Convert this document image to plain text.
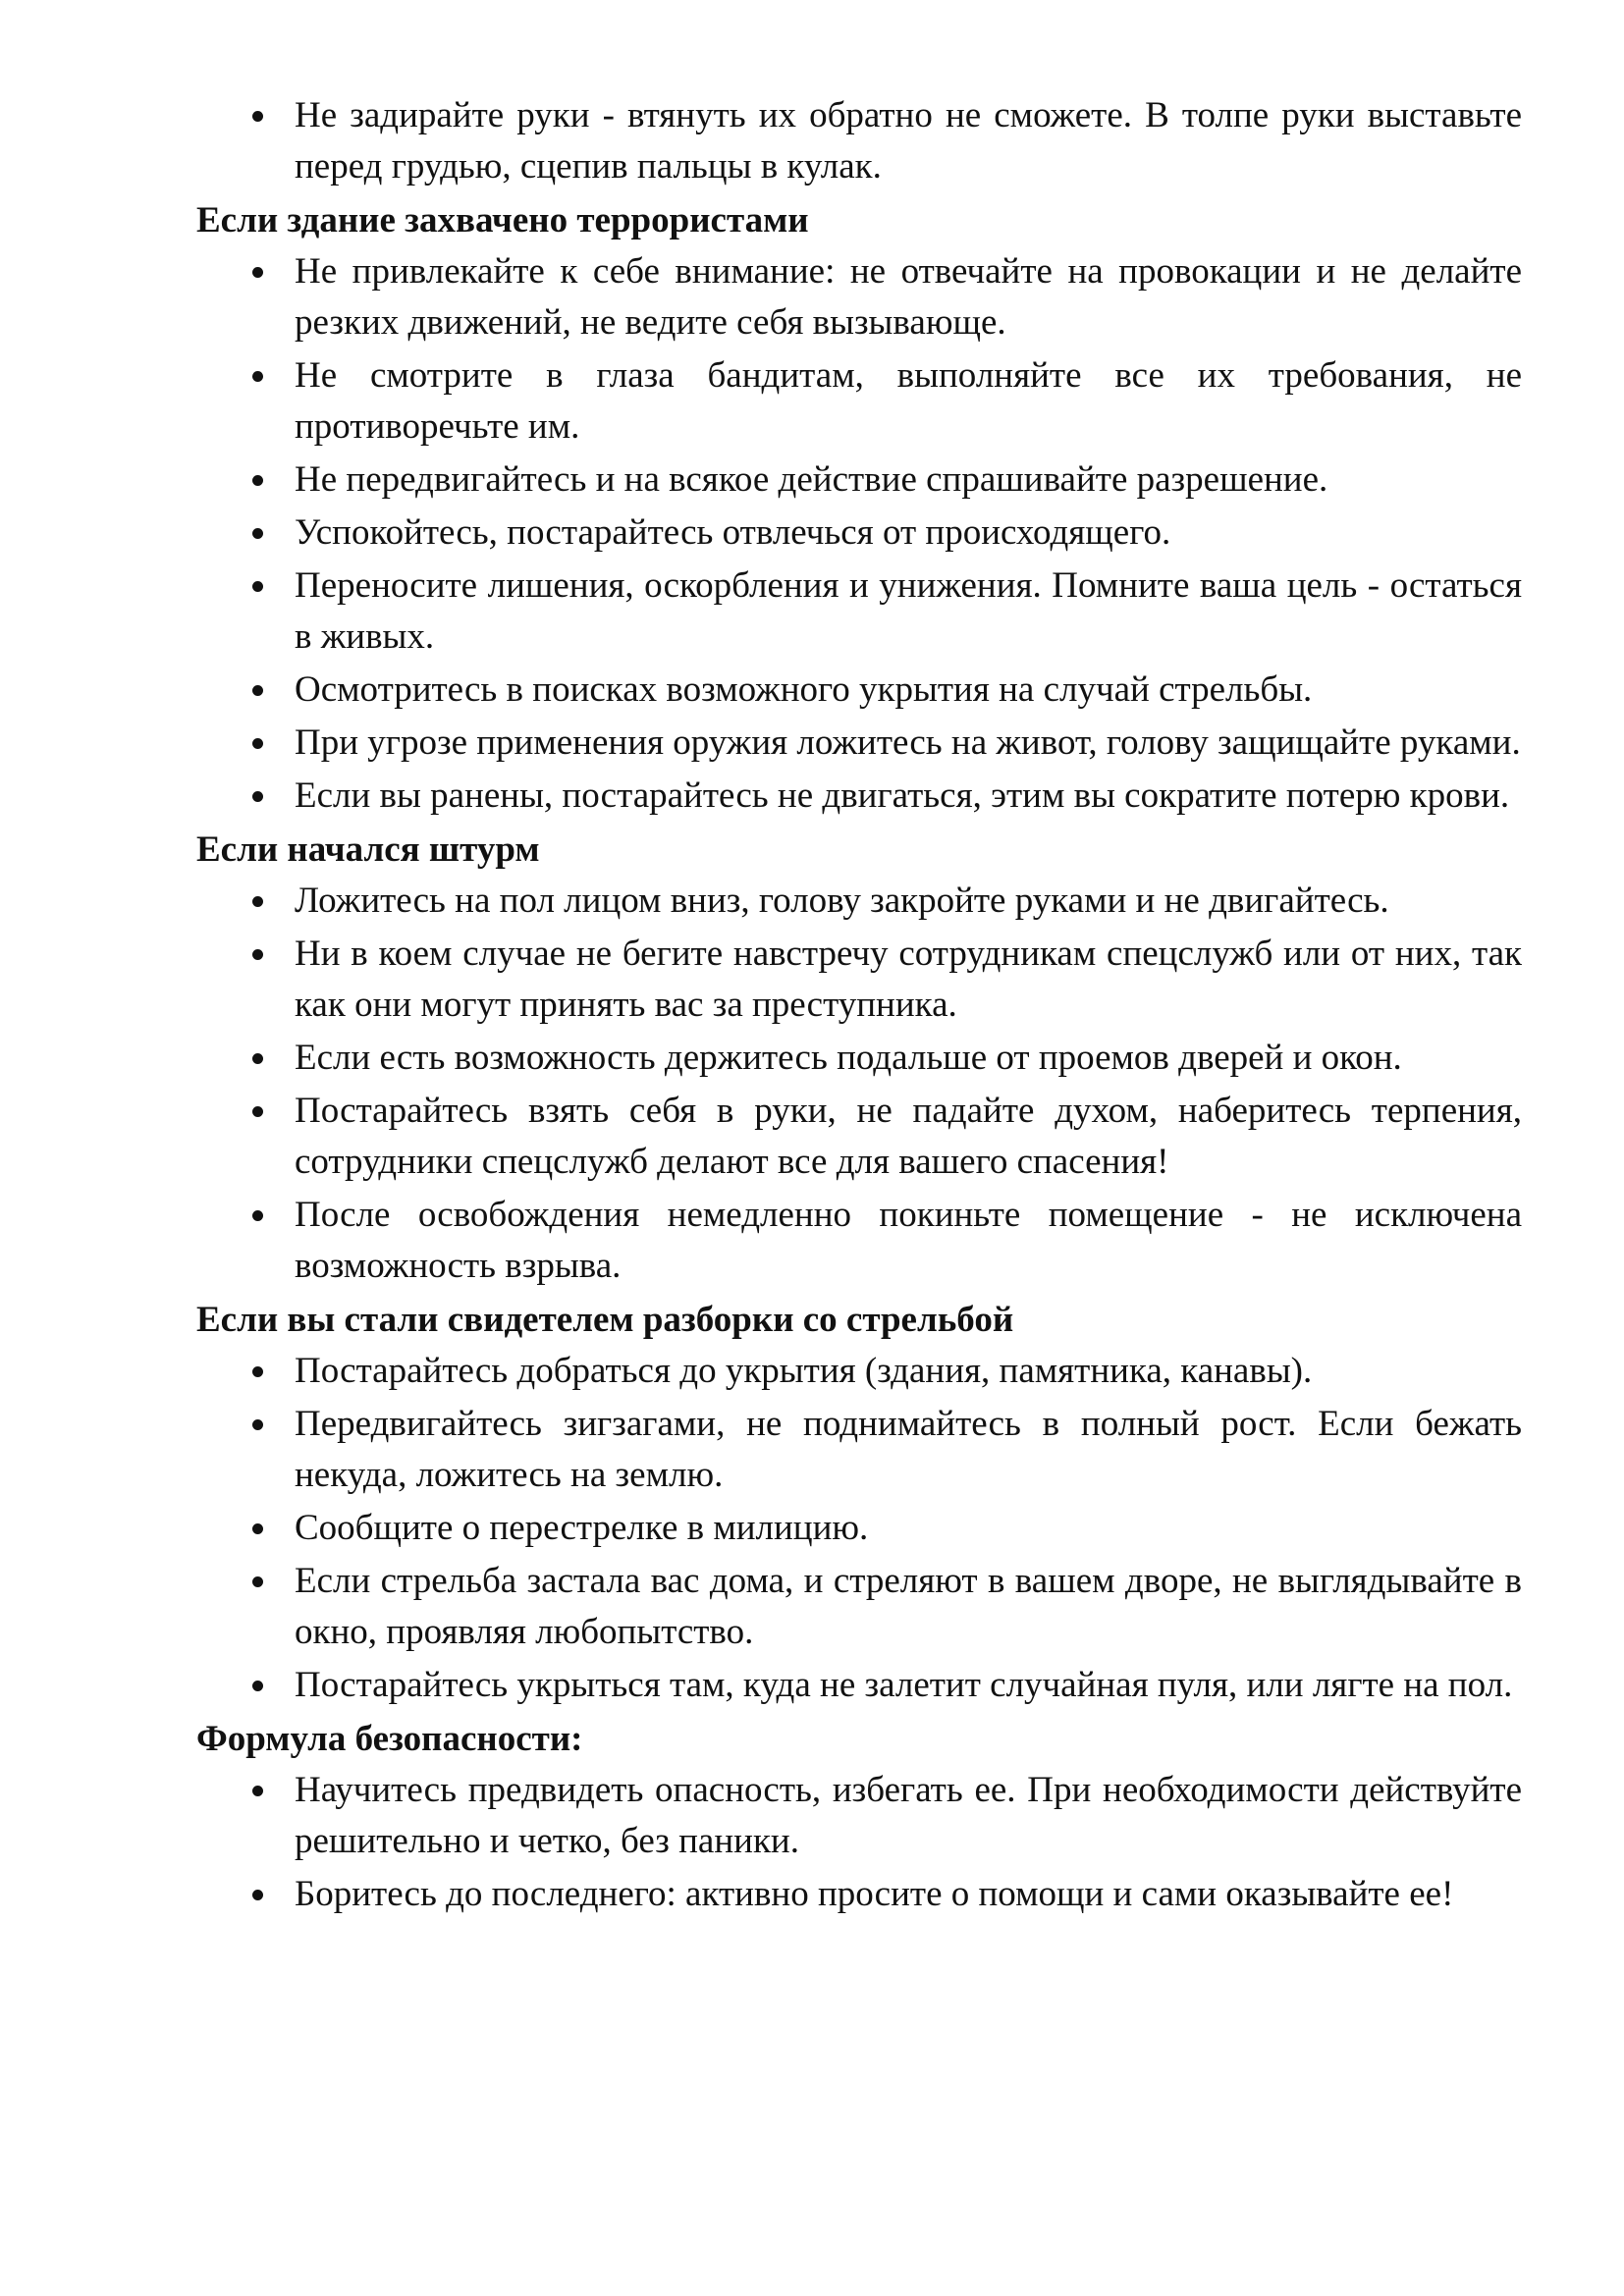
Не задирайте руки - втянуть их обратно не сможете. В толпе руки выставьте перед грудью, сцепив пальцы в кулак.
Если здание захвачено террористами
Не привлекайте к себе внимание: не отвечайте на провокации и не делайте резких движений, не ведите себя вызывающе.
Не смотрите в глаза бандитам, выполняйте все их требования, не противоречьте им.
Не передвигайтесь и на всякое действие спрашивайте разрешение.
Успокойтесь, постарайтесь отвлечься от происходящего.
Переносите лишения, оскорбления и унижения. Помните ваша цель - остаться в живых.
Осмотритесь в поисках возможного укрытия на случай стрельбы.
При угрозе применения оружия ложитесь на живот, голову защищайте руками.
Если вы ранены, постарайтесь не двигаться, этим вы сократите потерю крови.
Если начался штурм
Ложитесь на пол лицом вниз, голову закройте руками и не двигайтесь.
Ни в коем случае не бегите навстречу сотрудникам спецслужб или от них, так как они могут принять вас за преступника.
Если есть возможность держитесь подальше от проемов дверей и окон.
Постарайтесь взять себя в руки, не падайте духом, наберитесь терпения, сотрудники спецслужб делают все для вашего спасения!
После освобождения немедленно покиньте помещение - не исключена возможность взрыва.
Если вы стали свидетелем разборки со стрельбой
Постарайтесь добраться до укрытия (здания, памятника, канавы).
Передвигайтесь зигзагами, не поднимайтесь в полный рост. Если бежать некуда, ложитесь на землю.
Сообщите о перестрелке в милицию.
Если стрельба застала вас дома, и стреляют в вашем дворе, не выглядывайте в окно, проявляя любопытство.
Постарайтесь укрыться там, куда не залетит случайная пуля, или лягте на пол.
Формула безопасности:
Научитесь предвидеть опасность, избегать ее. При необходимости действуйте решительно и четко, без паники.
Боритесь до последнего: активно просите о помощи и сами оказывайте ее!
